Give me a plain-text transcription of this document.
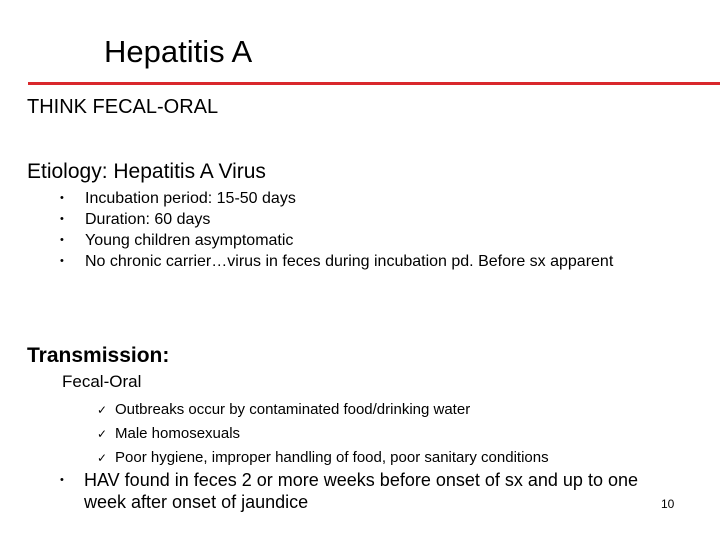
Hepatitis A
THINK FECAL-ORAL
Etiology: Hepatitis A Virus
• Incubation period: 15-50 days
• Duration: 60 days
• Young children asymptomatic
• No chronic carrier…virus in feces during incubation pd. Before sx apparent
Transmission:
Fecal-Oral
✓ Outbreaks occur by contaminated food/drinking water
✓ Male homosexuals
✓ Poor hygiene, improper handling of food, poor sanitary conditions
•	HAV found in feces 2 or more weeks before onset of sx and up to one week after onset of jaundice	10
